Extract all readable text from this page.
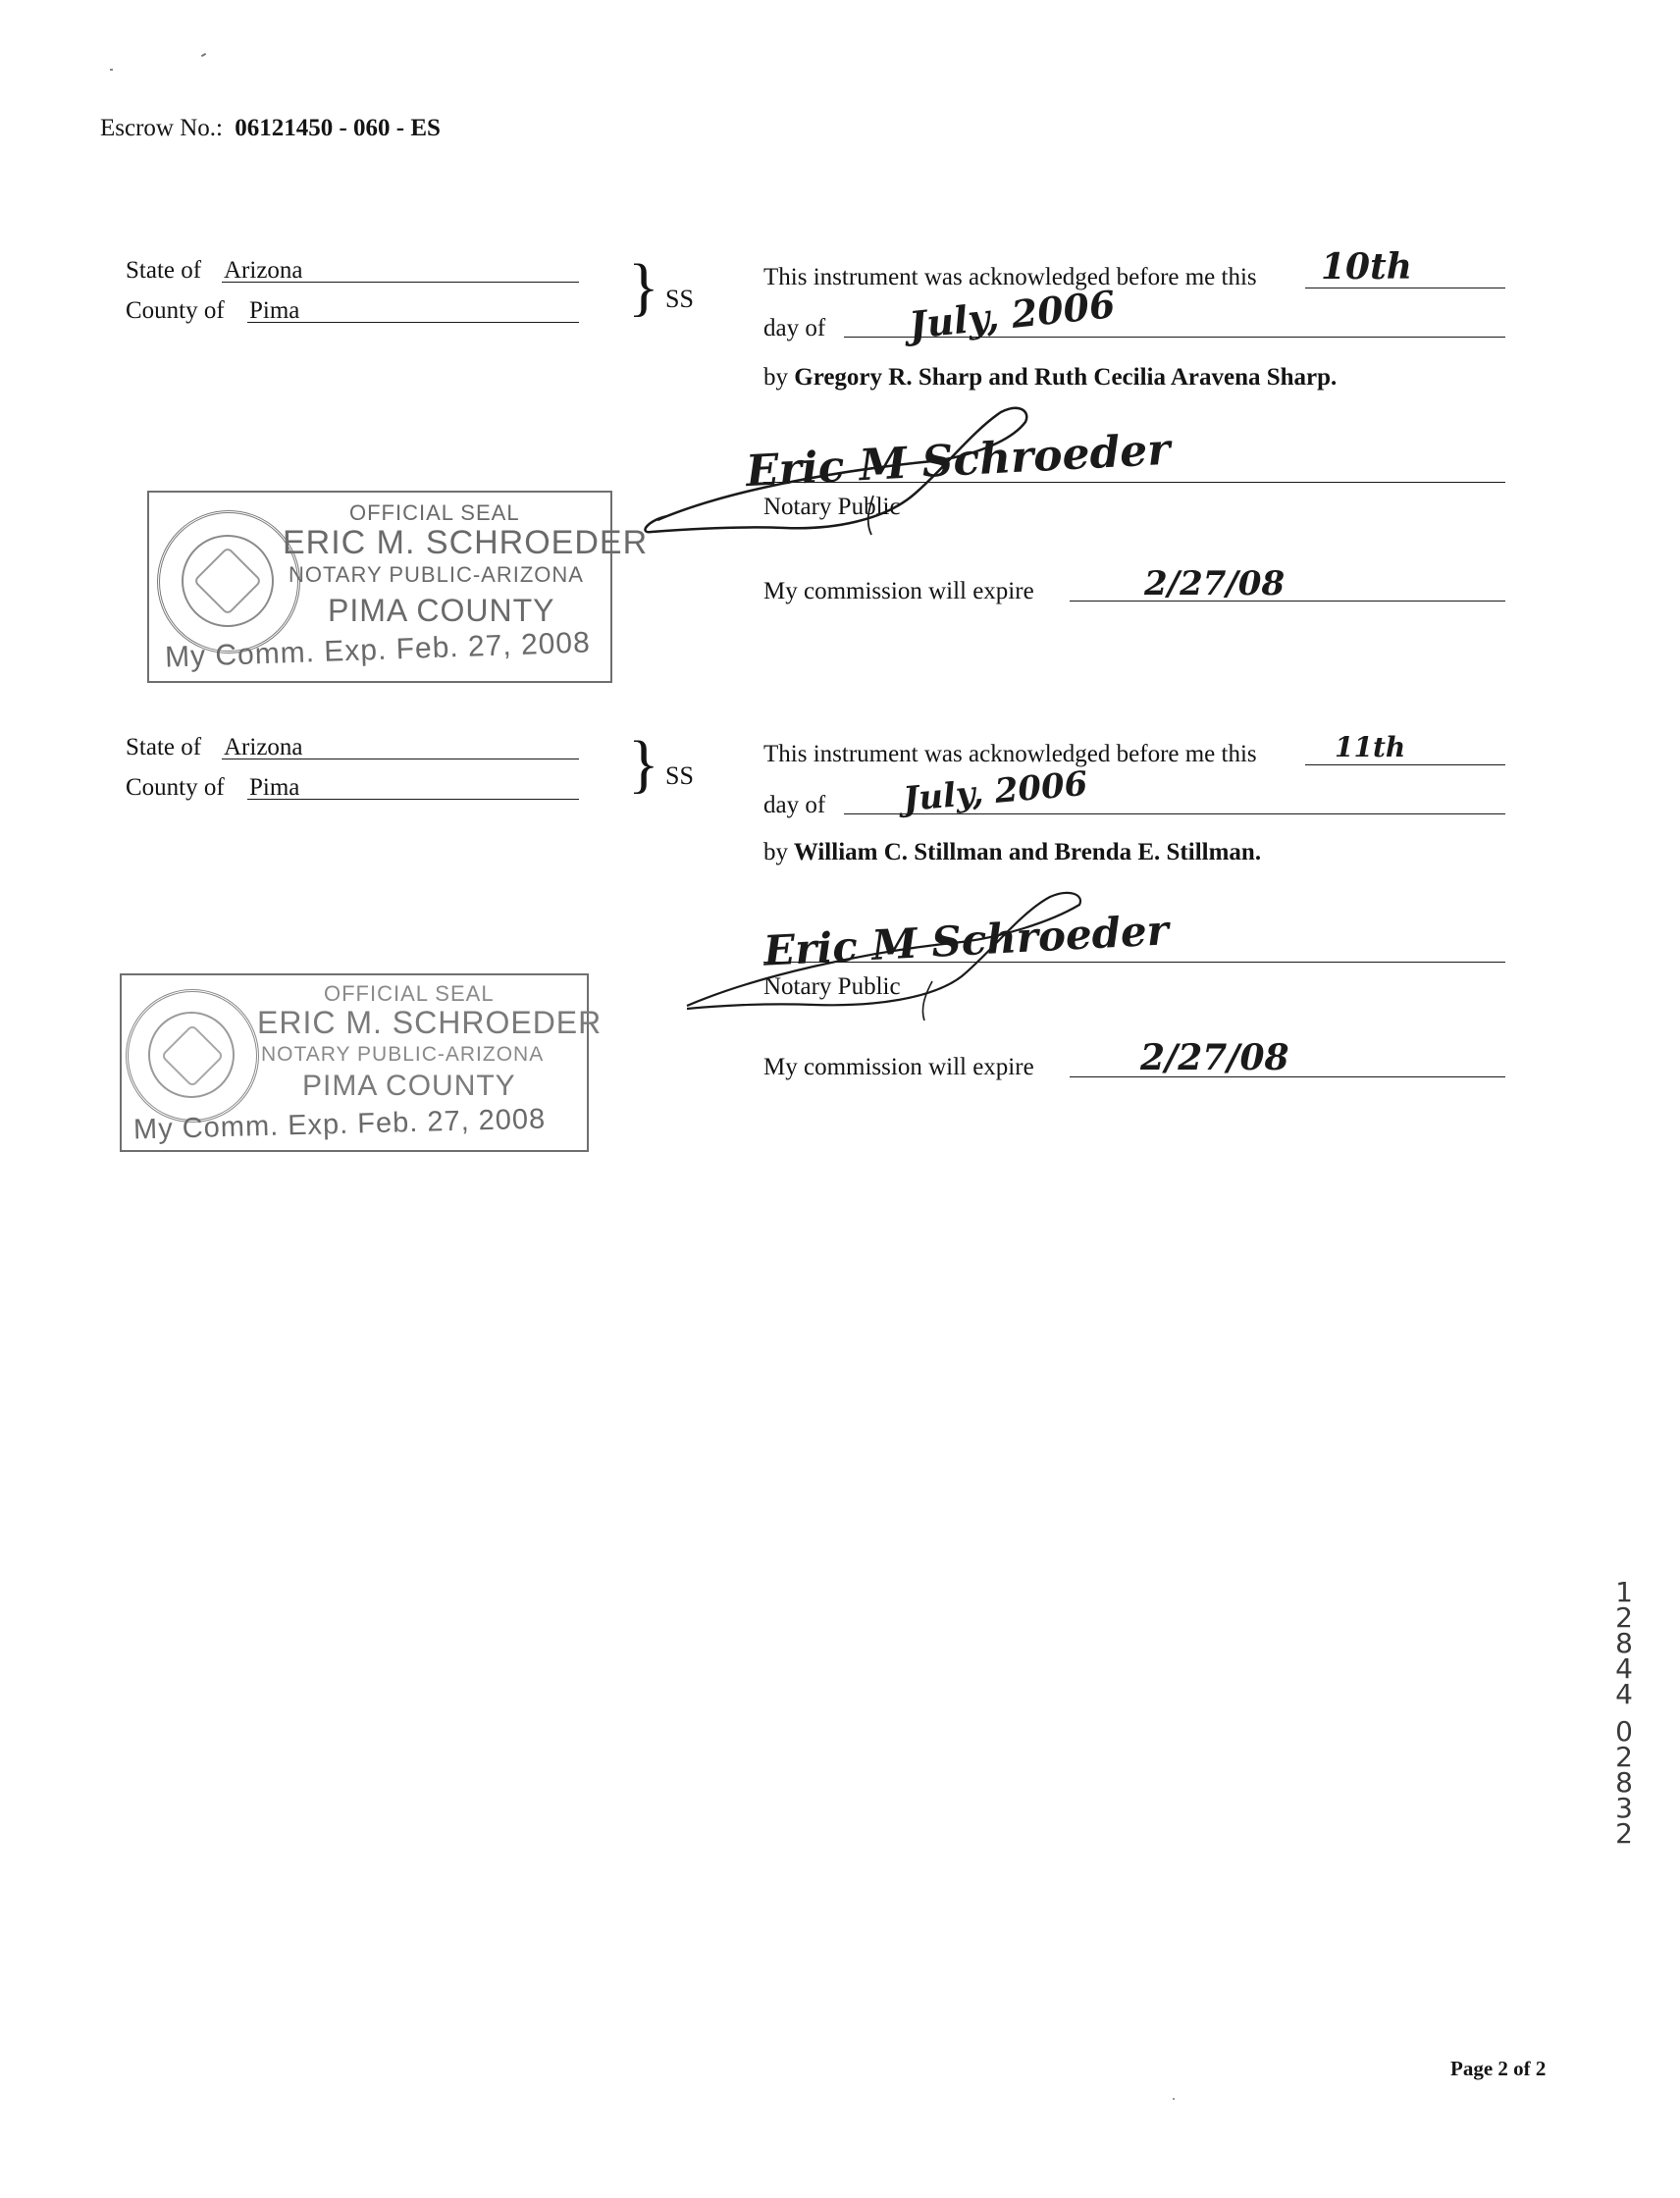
Escrow No.: 06121450 - 060 - ES
State of Arizona
County of Pima	} SS
This instrument was acknowledged before me this 10th
day of July, 2006
by Gregory R. Sharp and Ruth Cecilia Aravena Sharp.
Eric M Schroeder
Notary Public
My commission will expire	2/27/08
OFFICIAL SEAL
ERIC M. SCHROEDER
NOTARY PUBLIC-ARIZONA
PIMA COUNTY
My Comm. Exp. Feb. 27, 2008
State of Arizona
County of Pima	} SS
This instrument was acknowledged before me this	11th
day of July, 2006
by William C. Stillman and Brenda E. Stillman.
Eric M Schroeder
Notary Public
My commission will expire	2/27/08
OFFICIAL SEAL
ERIC M. SCHROEDER
NOTARY PUBLIC-ARIZONA
PIMA COUNTY
My Comm. Exp. Feb. 27, 2008
1
2
8
4
4
0
2
8
3
2
Page 2 of 2
